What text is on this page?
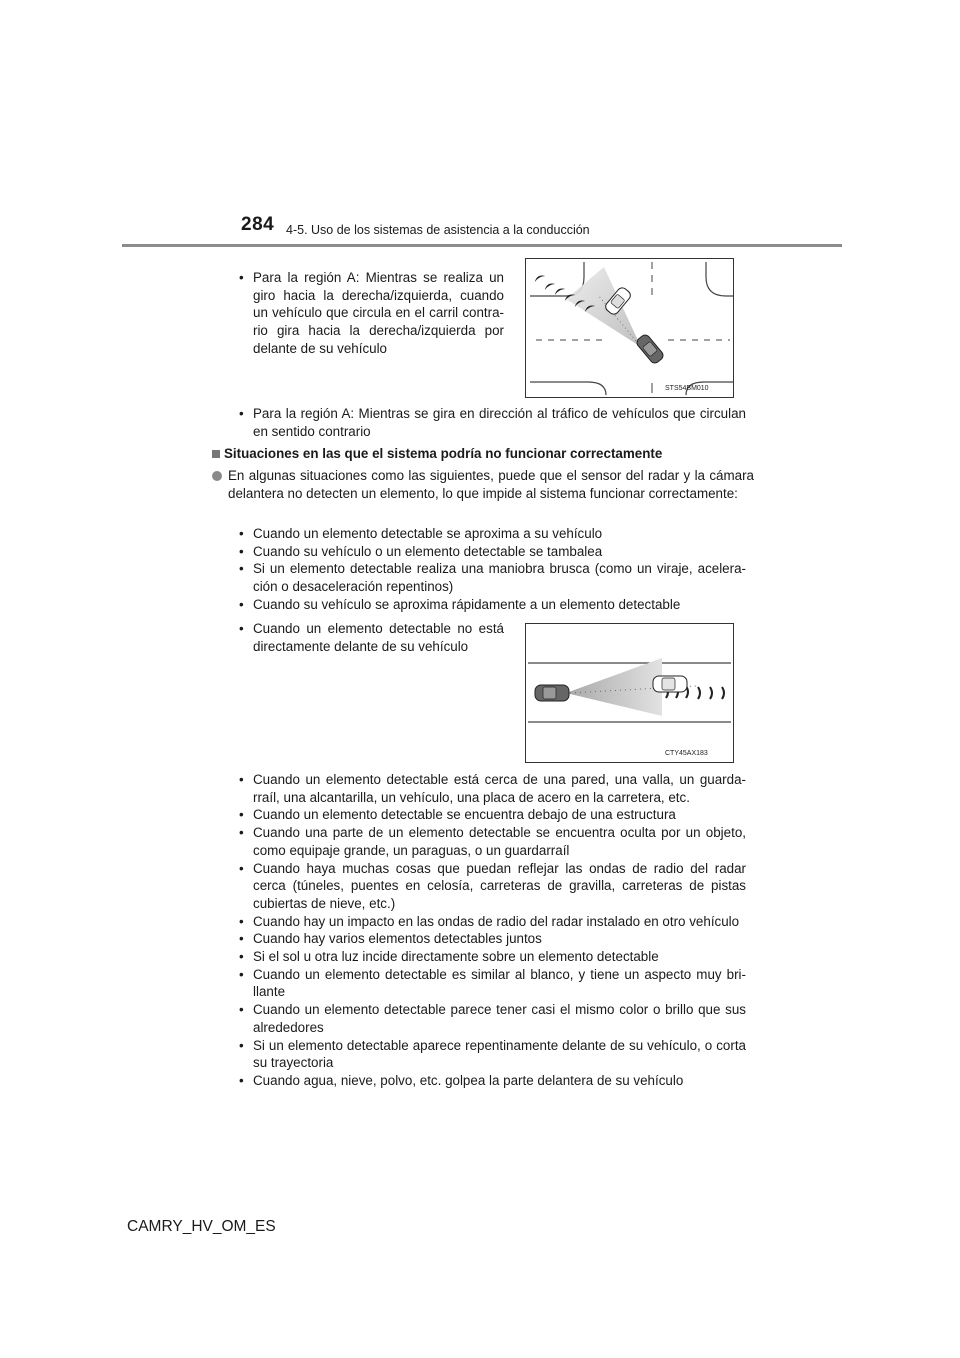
284 4-5. Uso de los sistemas de asistencia a la conducción
• Para la región A: Mientras se realiza un giro hacia la derecha/izquierda, cuando un vehículo que circula en el carril contra-rio gira hacia la derecha/izquierda por delante de su vehículo
STS54BM010
• Para la región A: Mientras se gira en dirección al tráfico de vehículos que circulan en sentido contrario
Situaciones en las que el sistema podría no funcionar correctamente
En algunas situaciones como las siguientes, puede que el sensor del radar y la cámara delantera no detecten un elemento, lo que impide al sistema funcionar correctamente:
• Cuando un elemento detectable se aproxima a su vehículo
• Cuando su vehículo o un elemento detectable se tambalea
• Si un elemento detectable realiza una maniobra brusca (como un viraje, acelera-ción o desaceleración repentinos)
• Cuando su vehículo se aproxima rápidamente a un elemento detectable
• Cuando un elemento detectable no está directamente delante de su vehículo
CTY45AX183
• Cuando un elemento detectable está cerca de una pared, una valla, un guarda-rraíl, una alcantarilla, un vehículo, una placa de acero en la carretera, etc.
• Cuando un elemento detectable se encuentra debajo de una estructura
• Cuando una parte de un elemento detectable se encuentra oculta por un objeto, como equipaje grande, un paraguas, o un guardarraíl
• Cuando haya muchas cosas que puedan reflejar las ondas de radio del radar cerca (túneles, puentes en celosía, carreteras de gravilla, carreteras de pistas cubiertas de nieve, etc.)
• Cuando hay un impacto en las ondas de radio del radar instalado en otro vehículo
• Cuando hay varios elementos detectables juntos
• Si el sol u otra luz incide directamente sobre un elemento detectable
• Cuando un elemento detectable es similar al blanco, y tiene un aspecto muy bri-llante
• Cuando un elemento detectable parece tener casi el mismo color o brillo que sus alrededores
• Si un elemento detectable aparece repentinamente delante de su vehículo, o corta su trayectoria
• Cuando agua, nieve, polvo, etc. golpea la parte delantera de su vehículo
CAMRY_HV_OM_ES
